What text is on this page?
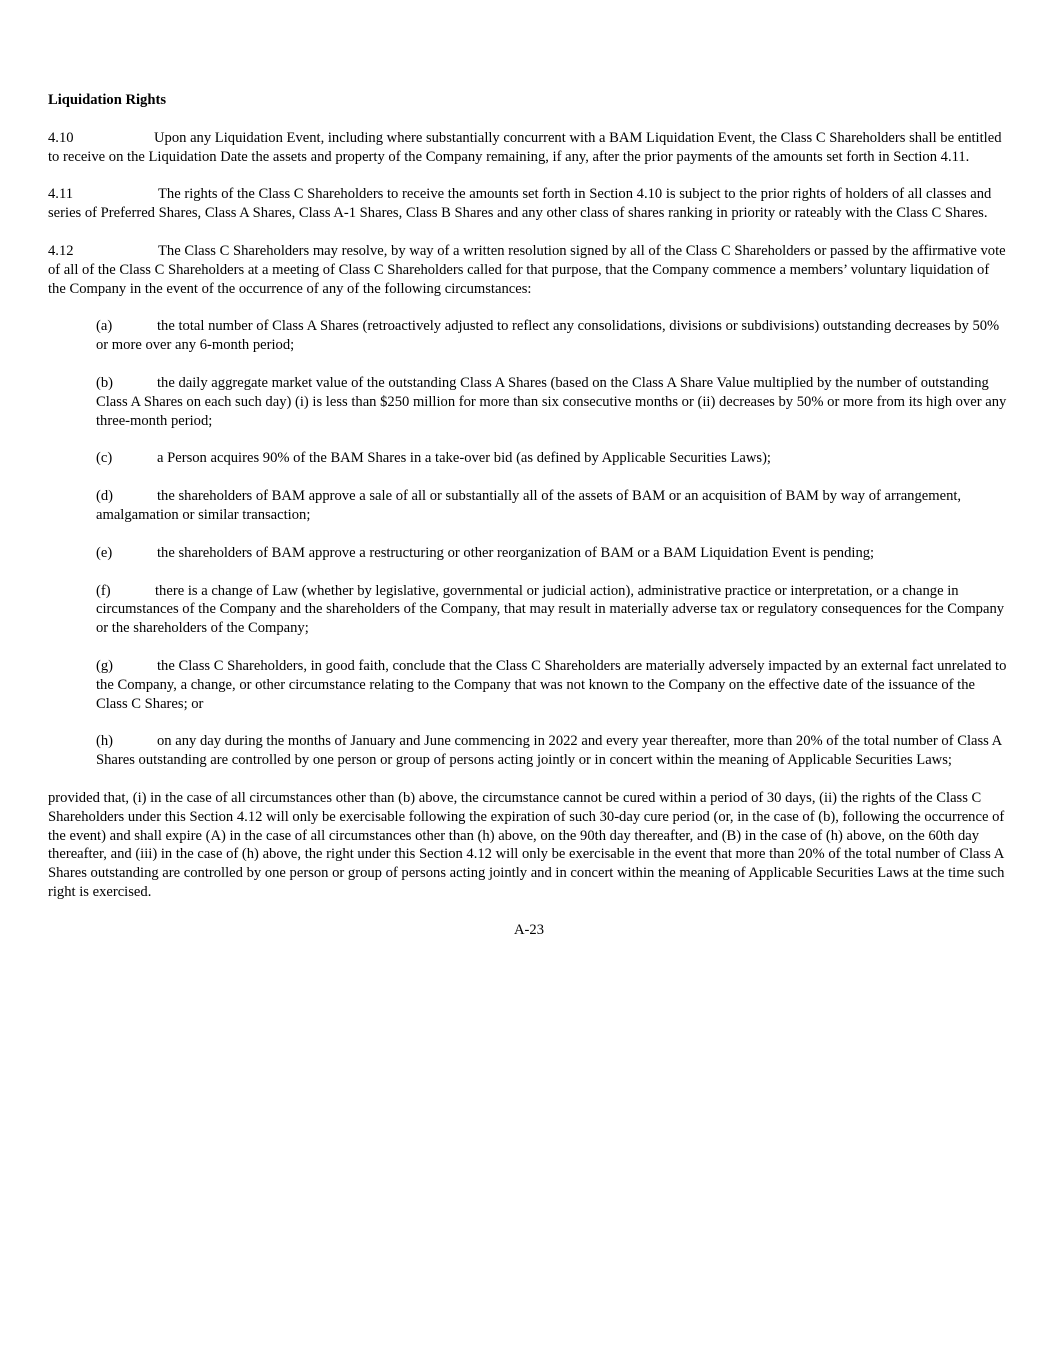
Liquidation Rights
4.10	Upon any Liquidation Event, including where substantially concurrent with a BAM Liquidation Event, the Class C Shareholders shall be entitled to receive on the Liquidation Date the assets and property of the Company remaining, if any, after the prior payments of the amounts set forth in Section 4.11.
4.11	The rights of the Class C Shareholders to receive the amounts set forth in Section 4.10 is subject to the prior rights of holders of all classes and series of Preferred Shares, Class A Shares, Class A-1 Shares, Class B Shares and any other class of shares ranking in priority or rateably with the Class C Shares.
4.12	The Class C Shareholders may resolve, by way of a written resolution signed by all of the Class C Shareholders or passed by the affirmative vote of all of the Class C Shareholders at a meeting of Class C Shareholders called for that purpose, that the Company commence a members’ voluntary liquidation of the Company in the event of the occurrence of any of the following circumstances:
(a)	the total number of Class A Shares (retroactively adjusted to reflect any consolidations, divisions or subdivisions) outstanding decreases by 50% or more over any 6-month period;
(b)	the daily aggregate market value of the outstanding Class A Shares (based on the Class A Share Value multiplied by the number of outstanding Class A Shares on each such day) (i) is less than $250 million for more than six consecutive months or (ii) decreases by 50% or more from its high over any three-month period;
(c)	a Person acquires 90% of the BAM Shares in a take-over bid (as defined by Applicable Securities Laws);
(d)	the shareholders of BAM approve a sale of all or substantially all of the assets of BAM or an acquisition of BAM by way of arrangement, amalgamation or similar transaction;
(e)	the shareholders of BAM approve a restructuring or other reorganization of BAM or a BAM Liquidation Event is pending;
(f)	there is a change of Law (whether by legislative, governmental or judicial action), administrative practice or interpretation, or a change in circumstances of the Company and the shareholders of the Company, that may result in materially adverse tax or regulatory consequences for the Company or the shareholders of the Company;
(g)	the Class C Shareholders, in good faith, conclude that the Class C Shareholders are materially adversely impacted by an external fact unrelated to the Company, a change, or other circumstance relating to the Company that was not known to the Company on the effective date of the issuance of the Class C Shares; or
(h)	on any day during the months of January and June commencing in 2022 and every year thereafter, more than 20% of the total number of Class A Shares outstanding are controlled by one person or group of persons acting jointly or in concert within the meaning of Applicable Securities Laws;
provided that, (i) in the case of all circumstances other than (b) above, the circumstance cannot be cured within a period of 30 days, (ii) the rights of the Class C Shareholders under this Section 4.12 will only be exercisable following the expiration of such 30-day cure period (or, in the case of (b), following the occurrence of the event) and shall expire (A) in the case of all circumstances other than (h) above, on the 90th day thereafter, and (B) in the case of (h) above, on the 60th day thereafter, and (iii) in the case of (h) above, the right under this Section 4.12 will only be exercisable in the event that more than 20% of the total number of Class A Shares outstanding are controlled by one person or group of persons acting jointly and in concert within the meaning of Applicable Securities Laws at the time such right is exercised.
A-23
